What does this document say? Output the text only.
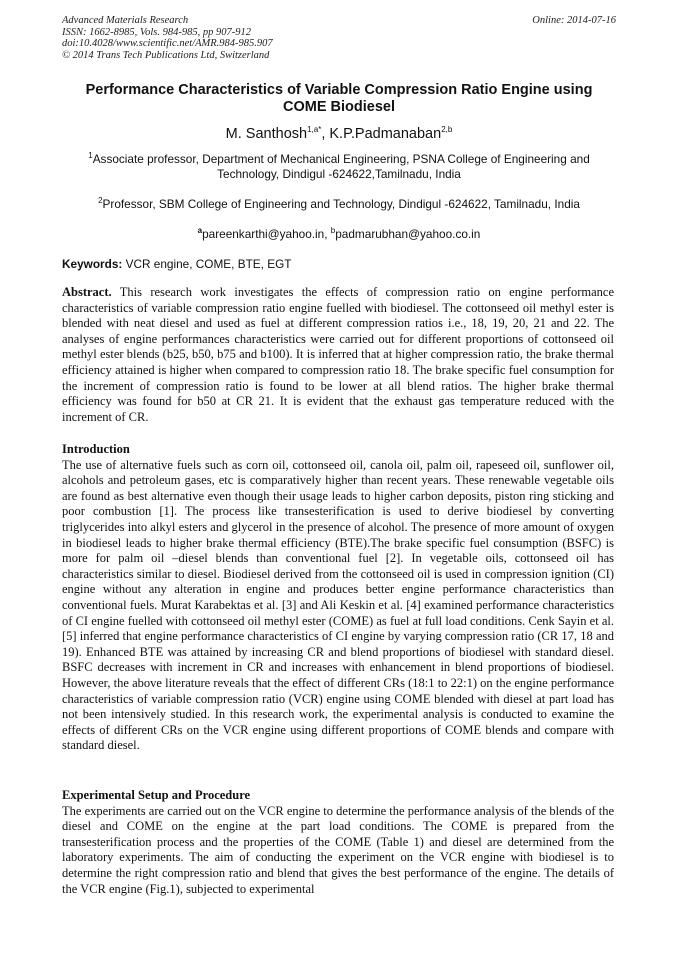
Advanced Materials Research
ISSN: 1662-8985, Vols. 984-985, pp 907-912
doi:10.4028/www.scientific.net/AMR.984-985.907
© 2014 Trans Tech Publications Ltd, Switzerland
Online: 2014-07-16
Performance Characteristics of Variable Compression Ratio Engine using COME Biodiesel
M. Santhosh$^{1,a*}$, K.P.Padmanaban$^{2,b}$
$^1$Associate professor, Department of Mechanical Engineering, PSNA College of Engineering and Technology, Dindigul -624622,Tamilnadu, India
$^2$Professor, SBM College of Engineering and Technology, Dindigul -624622, Tamilnadu, India
$^a$pareenkarthi@yahoo.in, $^b$padmarubhan@yahoo.co.in
Keywords: VCR engine, COME, BTE, EGT
Abstract. This research work investigates the effects of compression ratio on engine performance characteristics of variable compression ratio engine fuelled with biodiesel. The cottonseed oil methyl ester is blended with neat diesel and used as fuel at different compression ratios i.e., 18, 19, 20, 21 and 22. The analyses of engine performances characteristics were carried out for different proportions of cottonseed oil methyl ester blends (b25, b50, b75 and b100). It is inferred that at higher compression ratio, the brake thermal efficiency attained is higher when compared to compression ratio 18. The brake specific fuel consumption for the increment of compression ratio is found to be lower at all blend ratios. The higher brake thermal efficiency was found for b50 at CR 21. It is evident that the exhaust gas temperature reduced with the increment of CR.
Introduction
The use of alternative fuels such as corn oil, cottonseed oil, canola oil, palm oil, rapeseed oil, sunflower oil, alcohols and petroleum gases, etc is comparatively higher than recent years. These renewable vegetable oils are found as best alternative even though their usage leads to higher carbon deposits, piston ring sticking and poor combustion [1]. The process like transesterification is used to derive biodiesel by converting triglycerides into alkyl esters and glycerol in the presence of alcohol. The presence of more amount of oxygen in biodiesel leads to higher brake thermal efficiency (BTE).The brake specific fuel consumption (BSFC) is more for palm oil –diesel blends than conventional fuel [2]. In vegetable oils, cottonseed oil has characteristics similar to diesel. Biodiesel derived from the cottonseed oil is used in compression ignition (CI) engine without any alteration in engine and produces better engine performance characteristics than conventional fuels. Murat Karabektas et al. [3] and Ali Keskin et al. [4] examined performance characteristics of CI engine fuelled with cottonseed oil methyl ester (COME) as fuel at full load conditions. Cenk Sayin et al. [5] inferred that engine performance characteristics of CI engine by varying compression ratio (CR 17, 18 and 19). Enhanced BTE was attained by increasing CR and blend proportions of biodiesel with standard diesel. BSFC decreases with increment in CR and increases with enhancement in blend proportions of biodiesel. However, the above literature reveals that the effect of different CRs (18:1 to 22:1) on the engine performance characteristics of variable compression ratio (VCR) engine using COME blended with diesel at part load has not been intensively studied. In this research work, the experimental analysis is conducted to examine the effects of different CRs on the VCR engine using different proportions of COME blends and compare with standard diesel.
Experimental Setup and Procedure
The experiments are carried out on the VCR engine to determine the performance analysis of the blends of the diesel and COME on the engine at the part load conditions. The COME is prepared from the transesterification process and the properties of the COME (Table 1) and diesel are determined from the laboratory experiments. The aim of conducting the experiment on the VCR engine with biodiesel is to determine the right compression ratio and blend that gives the best performance of the engine. The details of the VCR engine (Fig.1), subjected to experimental
